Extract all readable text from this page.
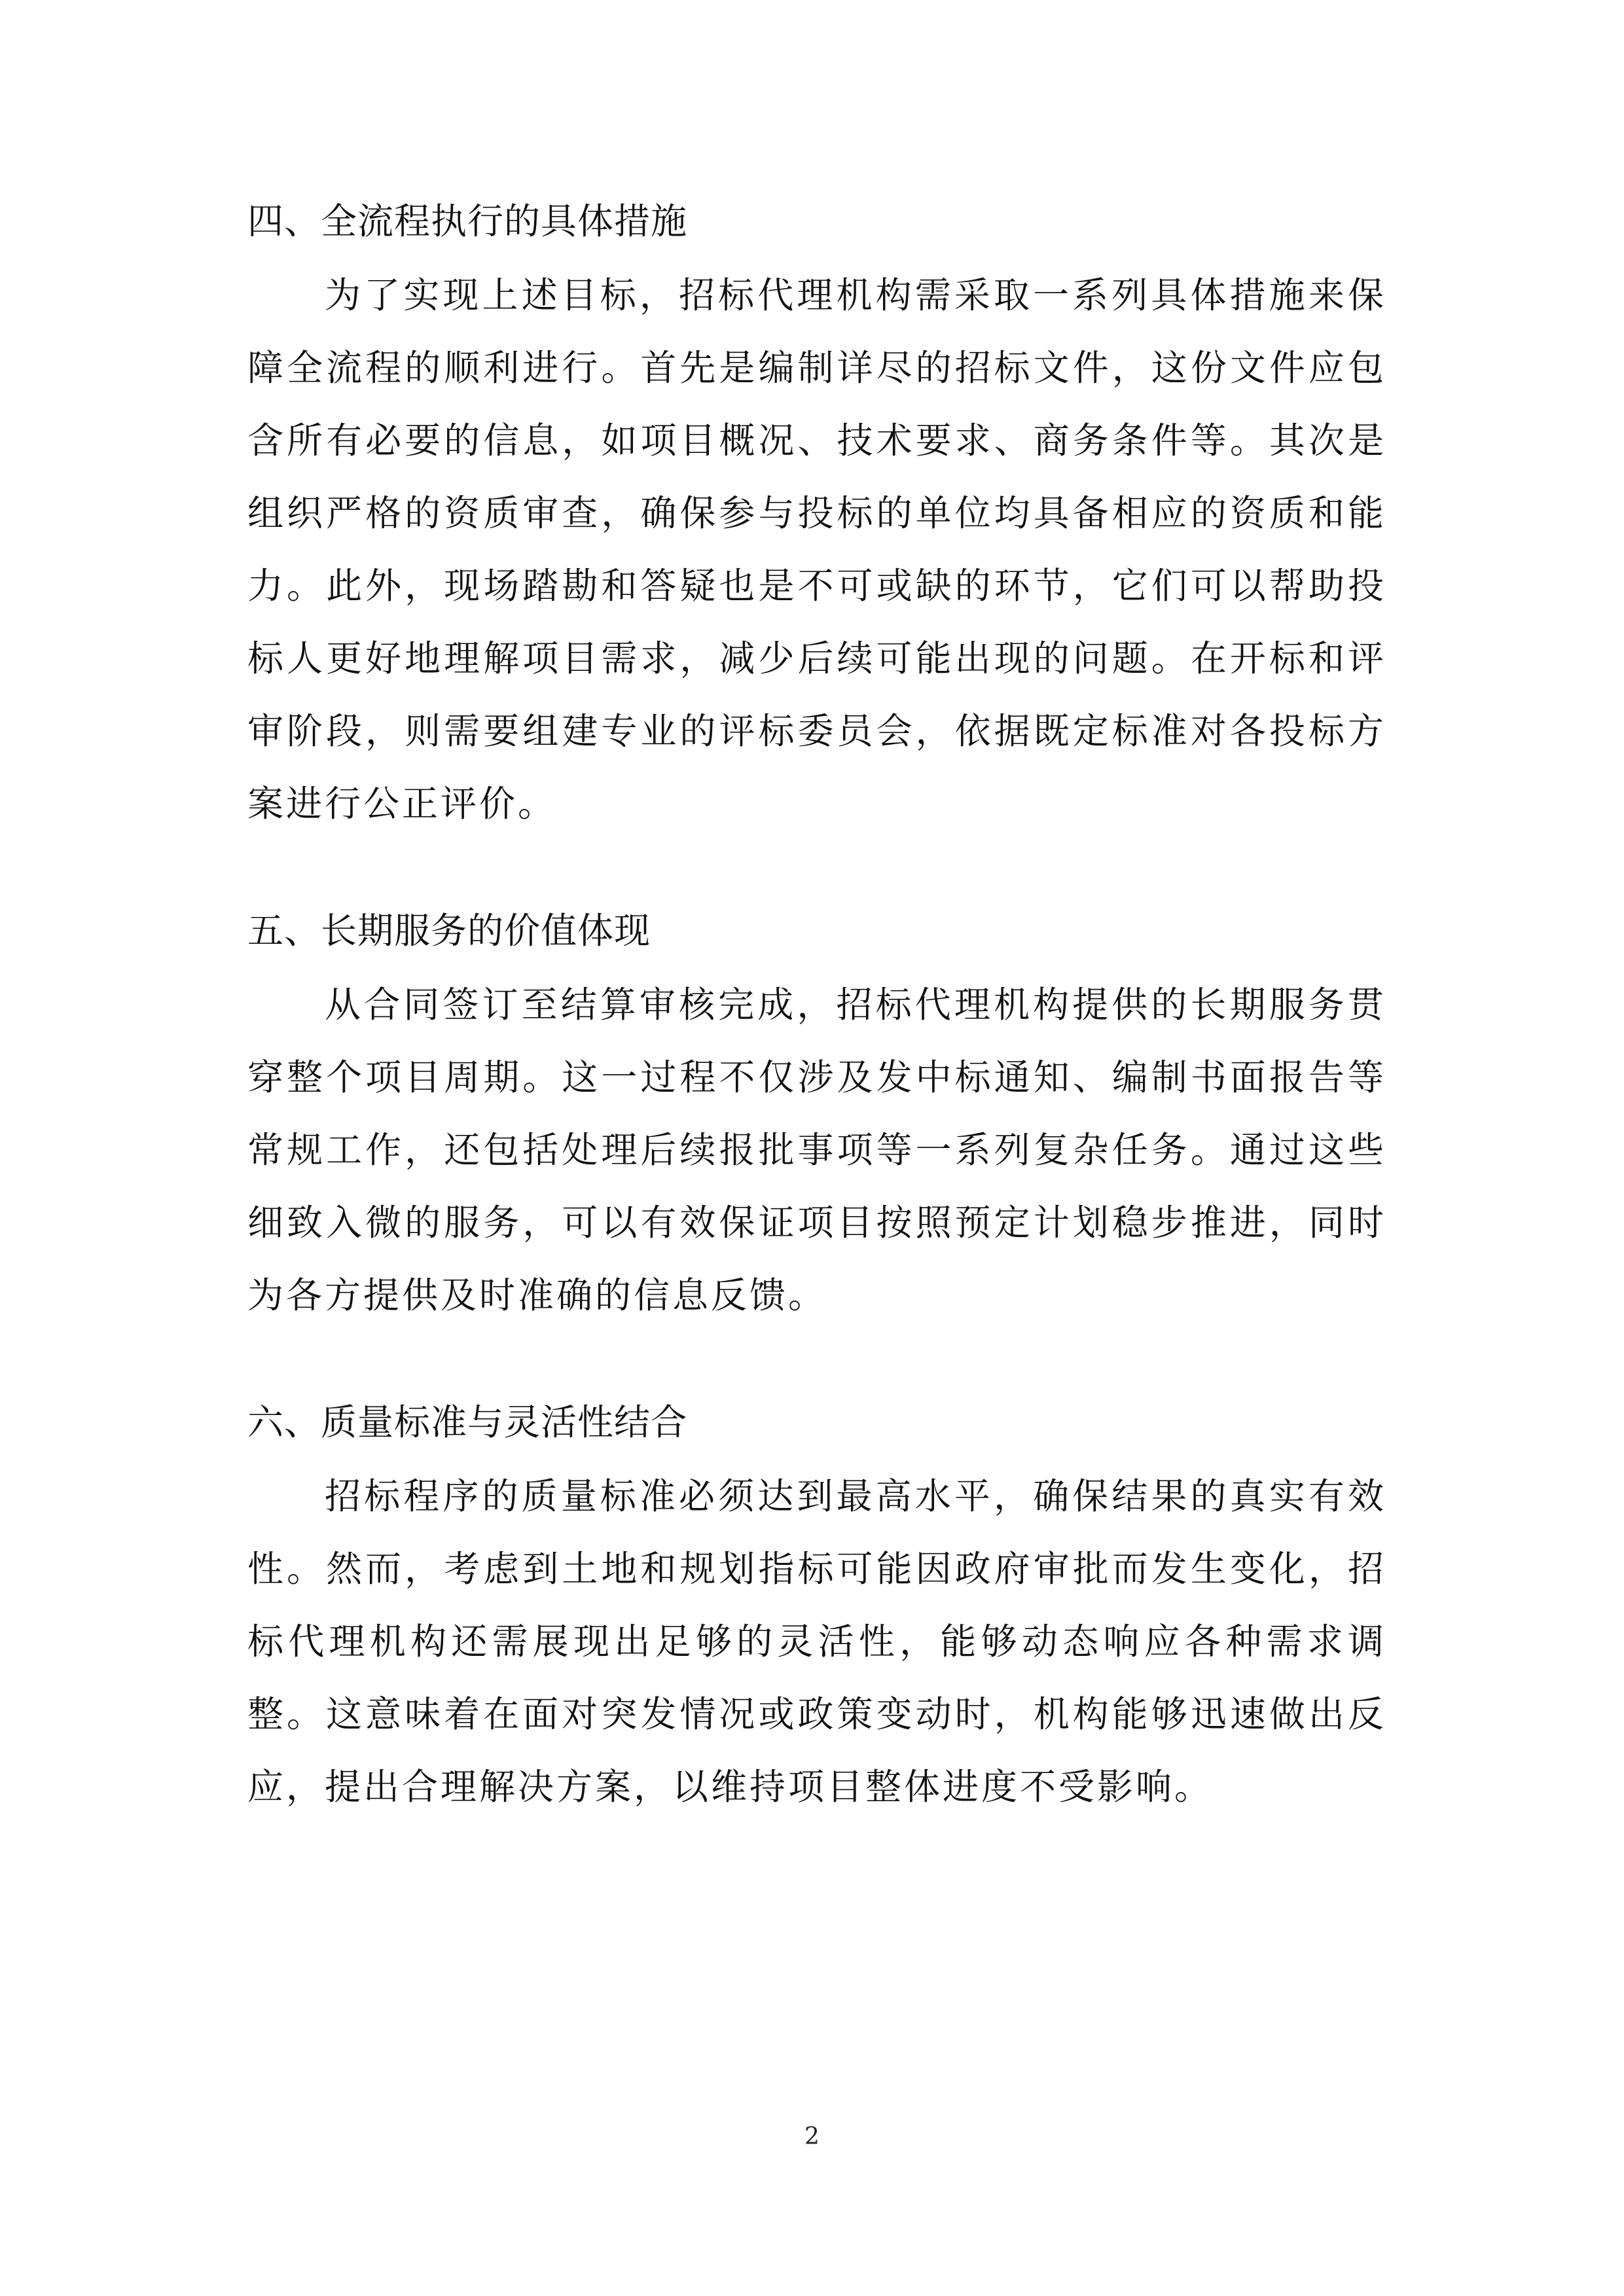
四、全流程执行的具体措施

为了实现上述目标，招标代理机构需采取一系列具体措施来保障全流程的顺利进行。首先是编制详尽的招标文件，这份文件应包含所有必要的信息，如项目概况、技术要求、商务条件等。其次是组织严格的资质审查，确保参与投标的单位均具备相应的资质和能力。此外，现场踏勘和答疑也是不可或缺的环节，它们可以帮助投标人更好地理解项目需求，减少后续可能出现的问题。在开标和评审阶段，则需要组建专业的评标委员会，依据既定标准对各投标方案进行公正评价。

五、长期服务的价值体现

从合同签订至结算审核完成，招标代理机构提供的长期服务贯穿整个项目周期。这一过程不仅涉及发中标通知、编制书面报告等常规工作，还包括处理后续报批事项等一系列复杂任务。通过这些细致入微的服务，可以有效保证项目按照预定计划稳步推进，同时为各方提供及时准确的信息反馈。

六、质量标准与灵活性结合

招标程序的质量标准必须达到最高水平，确保结果的真实有效性。然而，考虑到土地和规划指标可能因政府审批而发生变化，招标代理机构还需展现出足够的灵活性，能够动态响应各种需求调整。这意味着在面对突发情况或政策变动时，机构能够迅速做出反应，提出合理解决方案，以维持项目整体进度不受影响。

2
